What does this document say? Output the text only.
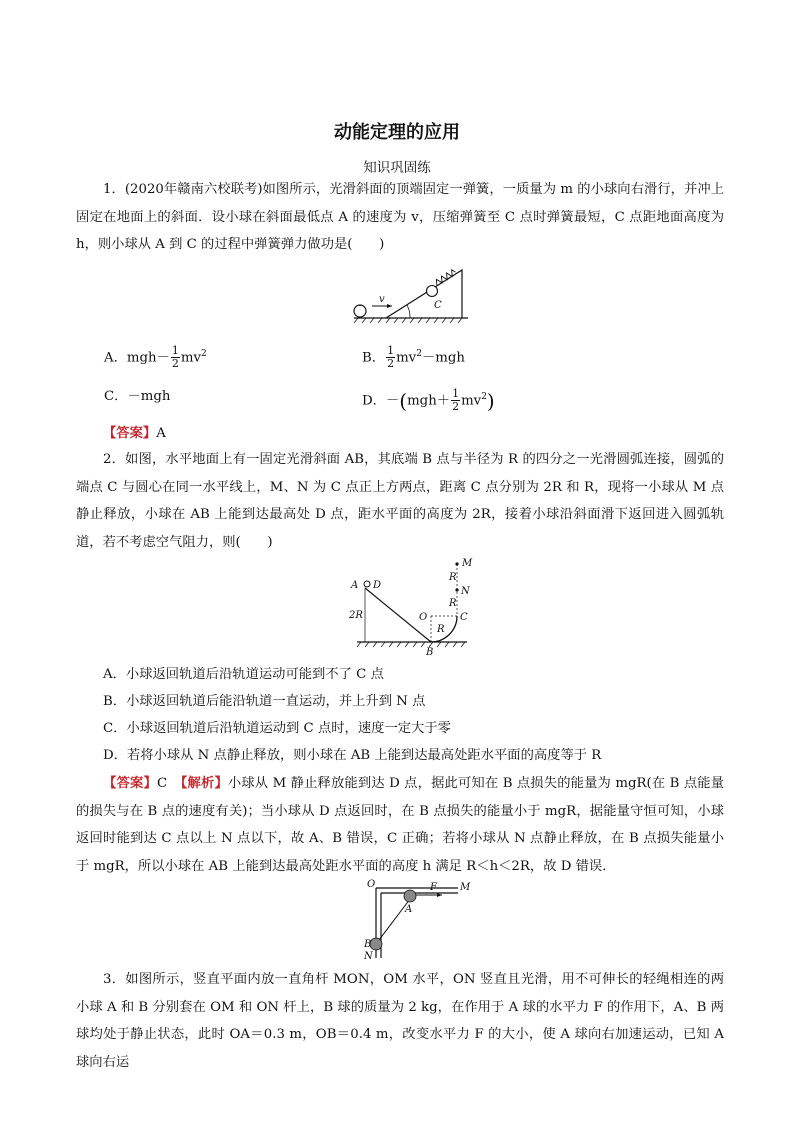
动能定理的应用
知识巩固练
1．(2020年赣南六校联考)如图所示，光滑斜面的顶端固定一弹簧，一质量为 m 的小球向右滑行，并冲上固定在地面上的斜面．设小球在斜面最低点 A 的速度为 v，压缩弹簧至 C 点时弹簧最短，C 点距地面高度为 h，则小球从 A 到 C 的过程中弹簧弹力做功是(　　)
v
C
A．$mgh- \frac{1}{2} mv^2$	B． $\frac{1}{2} mv^2-mgh$
C．－mgh	D．$-(mgh+ \frac{1}{2} mv^2)$
【答案】A
2．如图，水平地面上有一固定光滑斜面 AB，其底端 B 点与半径为 R 的四分之一光滑圆弧连接，圆弧的端点 C 与圆心在同一水平线上，M、N 为 C 点正上方两点，距离 C 点分别为 2R 和 R，现将一小球从 M 点静止释放，小球在 AB 上能到达最高处 D 点，距水平面的高度为 2R，接着小球沿斜面滑下返回进入圆弧轨道，若不考虑空气阻力，则(　　)
A D
2R	O
R
R
R
M
N
C
B
A．小球返回轨道后沿轨道运动可能到不了 C 点
B．小球返回轨道后能沿轨道一直运动，并上升到 N 点
C．小球返回轨道后沿轨道运动到 C 点时，速度一定大于零
D．若将小球从 N 点静止释放，则小球在 AB 上能到达最高处距水平面的高度等于 R
【答案】C　 【解析】小球从 M 静止释放能到达 D 点，据此可知在 B 点损失的能量为 mgR(在 B 点能量的损失与在 B 点的速度有关)；当小球从 D 点返回时，在 B 点损失的能量小于 mgR，据能量守恒可知，小球返回时能到达 C 点以上 N 点以下，故 A、B 错误，C 正确；若将小球从 N 点静止释放，在 B 点损失能量小于 mgR，所以小球在 AB 上能到达最高处距水平面的高度 h 满足 R＜h＜2R，故 D 错误．
O	F M
A
B
N
3．如图所示，竖直平面内放一直角杆 MON，OM 水平，ON 竖直且光滑，用不可伸长的轻绳相连的两小球 A 和 B 分别套在 OM 和 ON 杆上，B 球的质量为 2 kg，在作用于 A 球的水平力 F 的作用下，A、B 两球均处于静止状态，此时 OA＝0.3 m，OB＝0.4 m，改变水平力 F 的大小，使 A 球向右加速运动，已知 A 球向右运
